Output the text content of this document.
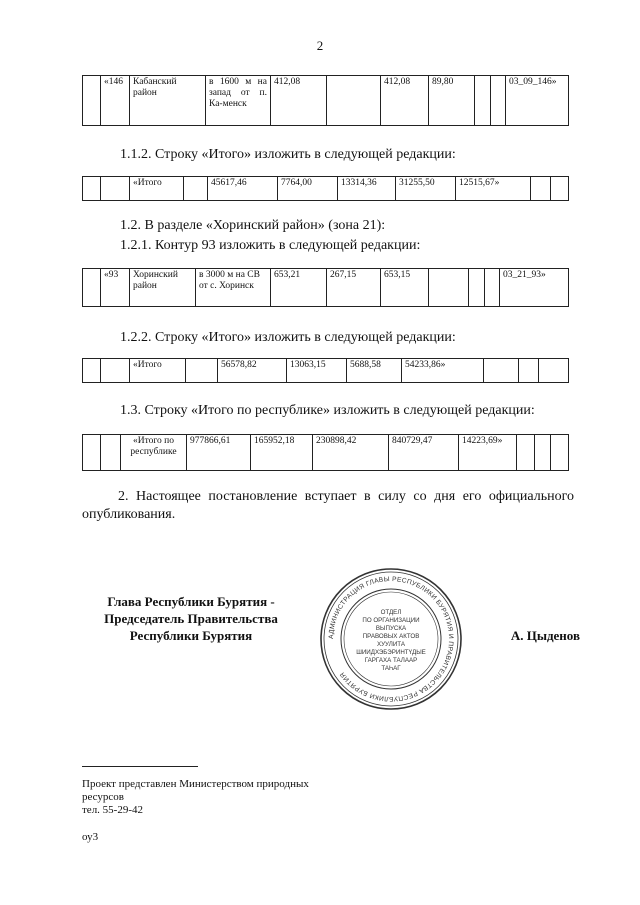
2
	«146	Кабанский район	в 1600 м на запад от п. Ка-менск	412,08		412,08	89,80			03_09_146»
1.1.2. Строку «Итого» изложить в следующей редакции:
		«Итого		45617,46	7764,00	13314,36	31255,50	12515,67»		
1.2. В разделе «Хоринский район» (зона 21):
1.2.1. Контур 93 изложить в следующей редакции:
	«93	Хоринский район	в 3000 м на СВ от с. Хоринск	653,21	267,15	653,15				03_21_93»
1.2.2. Строку «Итого» изложить в следующей редакции:
		«Итого		56578,82	13063,15	5688,58	54233,86»			
1.3. Строку «Итого по республике» изложить в следующей редакции:
		«Итого по республике	977866,61	165952,18	230898,42	840729,47	14223,69»			
2. Настоящее постановление вступает в силу со дня его официального опубликования.
Глава Республики Бурятия -
Председатель Правительства
Республики Бурятия	АДМИНИСТРАЦИЯ ГЛАВЫ РЕСПУБЛИКИ БУРЯТИЯ И ПРАВИТЕЛЬСТВА РЕСПУБЛИКИ БУРЯТИЯ
ОТДЕЛ
ПО ОРГАНИЗАЦИИ
ВЫПУСКА
ПРАВОВЫХ АКТОВ
ХУУЛИТА
ШИИДХЭБЭРИНТҮДЫЕ
ГАРГАХА ТАЛААР
ТАҺАГ
А. Цыденов
Проект представлен Министерством природных
ресурсов
тел. 55-29-42
оу3
